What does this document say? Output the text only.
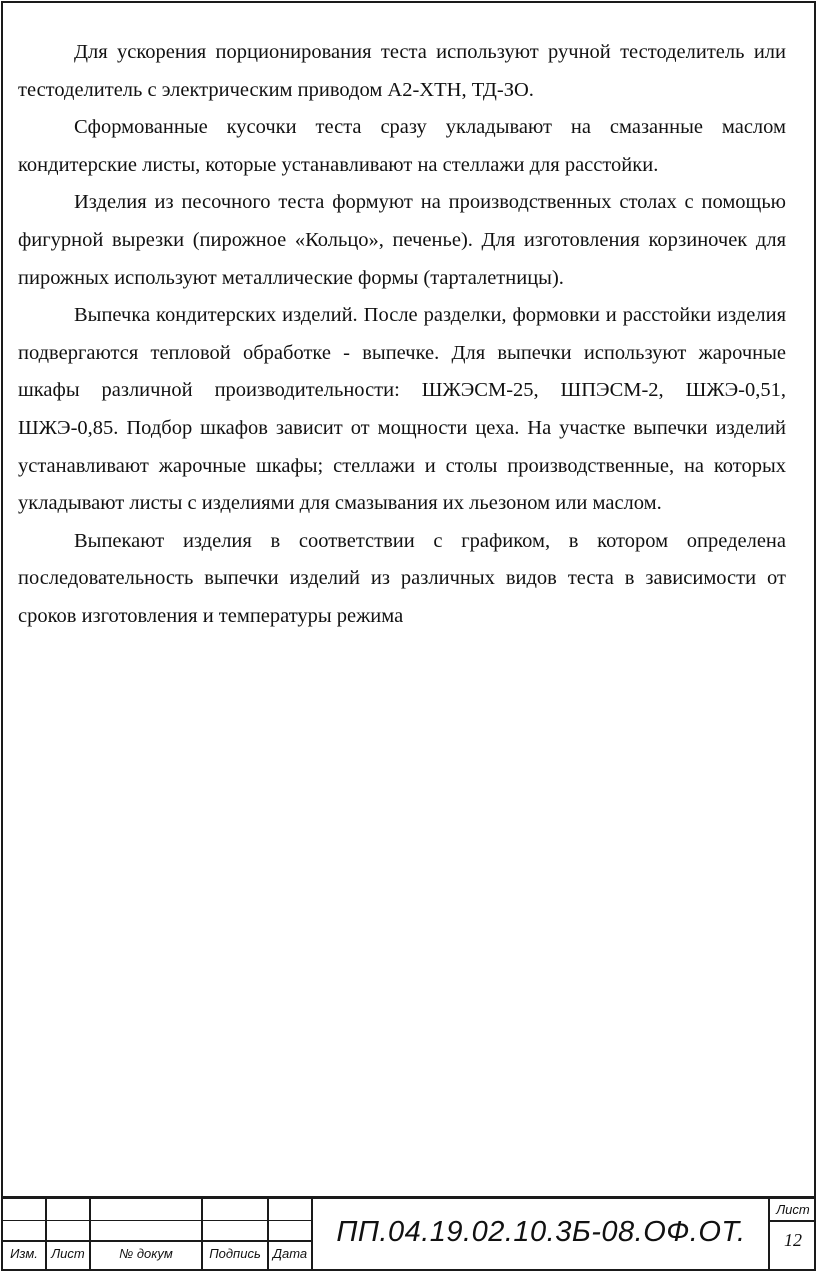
Для ускорения порционирования теста используют ручной тестоделитель или тестоделитель с электрическим приводом А2-ХТН, ТД-ЗО.

Сформованные кусочки теста сразу укладывают на смазанные маслом кондитерские листы, которые устанавливают на стеллажи для расстойки.

Изделия из песочного теста формуют на производственных столах с помощью фигурной вырезки (пирожное «Кольцо», печенье). Для изготовления корзиночек для пирожных используют металлические формы (тарталетницы).

Выпечка кондитерских изделий. После разделки, формовки и расстойки изделия подвергаются тепловой обработке - выпечке. Для выпечки используют жарочные шкафы различной производительности: ШЖЭСМ-25, ШПЭСМ-2, ШЖЭ-0,51, ШЖЭ-0,85. Подбор шкафов зависит от мощности цеха. На участке выпечки изделий устанавливают жарочные шкафы; стеллажи и столы производственные, на которых укладывают листы с изделиями для смазывания их льезоном или маслом.

Выпекают изделия в соответствии с графиком, в котором определена последовательность выпечки изделий из различных видов теста в зависимости от сроков изготовления и температуры режима

Изм.	Лист	№ докум	Подпись Дата
ПП.04.19.02.10.3Б-08.ОФ.ОТ.
Лист
12
